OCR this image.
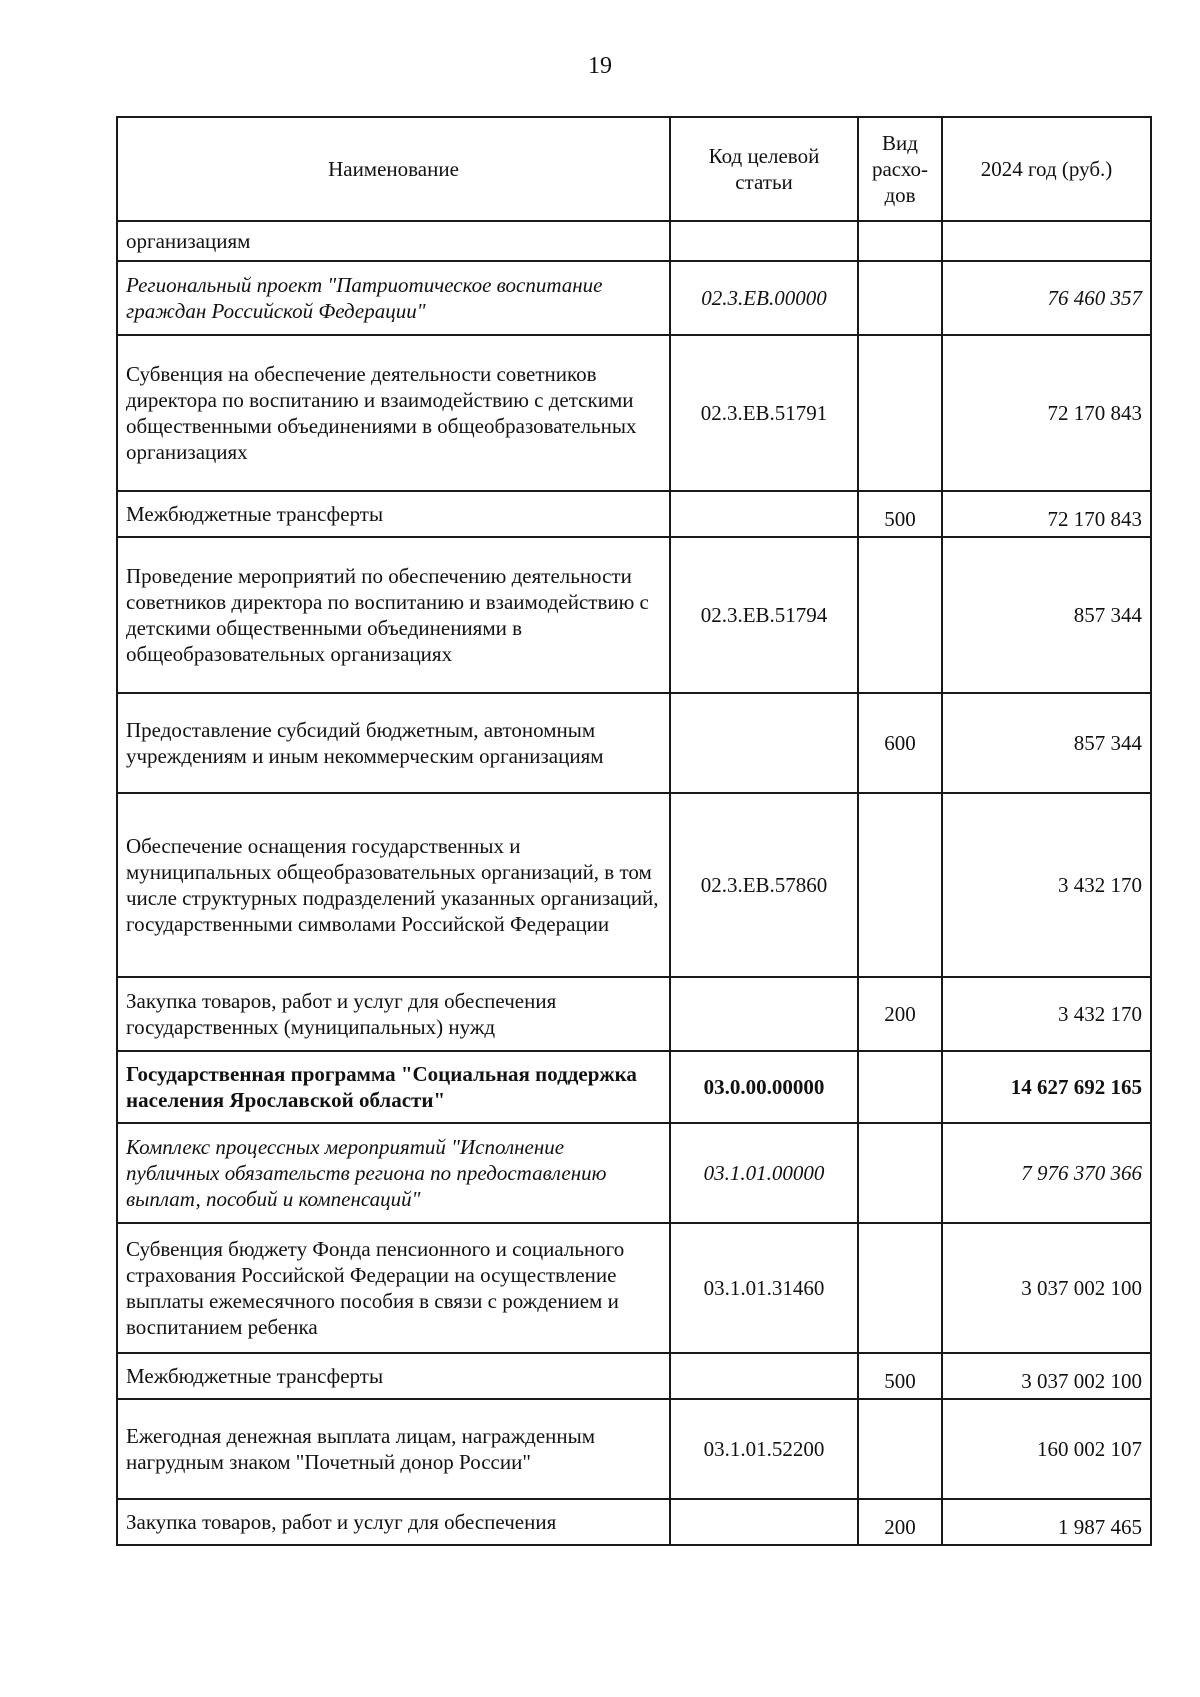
19
Наименование	Код целевой статьи	Вид расхо-дов	2024 год (руб.)
организациям			
Региональный проект "Патриотическое воспитание граждан Российской Федерации"	02.3.ЕВ.00000		76 460 357
Субвенция на обеспечение деятельности советников директора по воспитанию и взаимодействию с детскими общественными объединениями в общеобразовательных организациях	02.3.ЕВ.51791		72 170 843
Межбюджетные трансферты		500	72 170 843
Проведение мероприятий по обеспечению деятельности советников директора по воспитанию и взаимодействию с детскими общественными объединениями в общеобразовательных организациях	02.3.ЕВ.51794		857 344
Предоставление субсидий бюджетным, автономным учреждениям и иным некоммерческим организациям		600	857 344
Обеспечение оснащения государственных и муниципальных общеобразовательных организаций, в том числе структурных подразделений указанных организаций, государственными символами Российской Федерации	02.3.ЕВ.57860		3 432 170
Закупка товаров, работ и услуг для обеспечения государственных (муниципальных) нужд		200	3 432 170
Государственная программа "Социальная поддержка населения Ярославской области"	03.0.00.00000		14 627 692 165
Комплекс процессных мероприятий "Исполнение публичных обязательств региона по предоставлению выплат, пособий и компенсаций"	03.1.01.00000		7 976 370 366
Субвенция бюджету Фонда пенсионного и социального страхования Российской Федерации на осуществление выплаты ежемесячного пособия в связи с рождением и воспитанием ребенка	03.1.01.31460		3 037 002 100
Межбюджетные трансферты		500	3 037 002 100
Ежегодная денежная выплата лицам, награжденным нагрудным знаком "Почетный донор России"	03.1.01.52200		160 002 107
Закупка товаров, работ и услуг для обеспечения		200	1 987 465
